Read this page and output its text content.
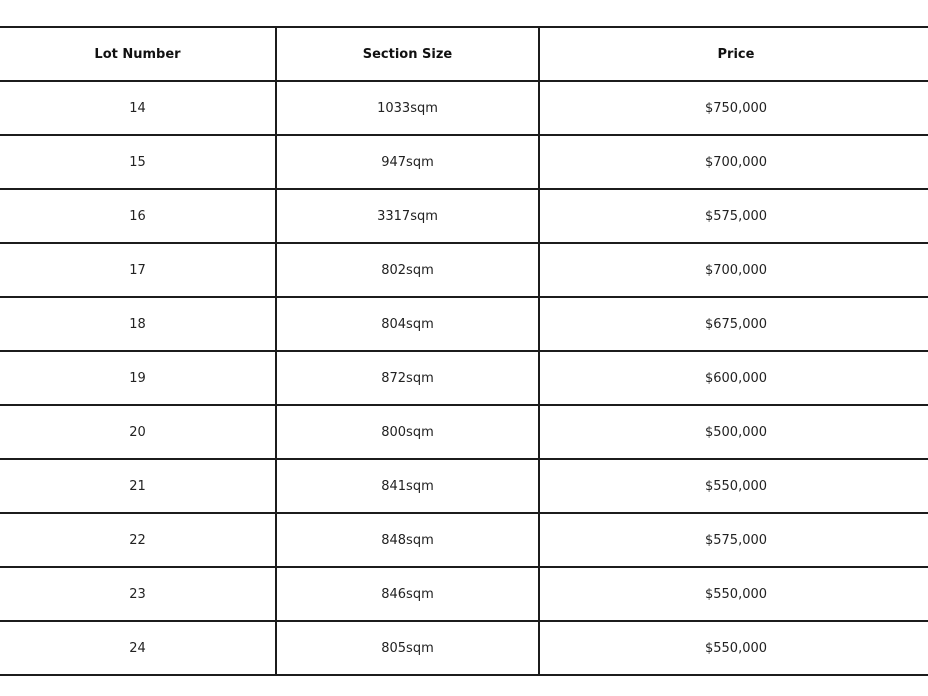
Lot Number	Section Size	Price
14	1033sqm	$750,000
15	947sqm	$700,000
16	3317sqm	$575,000
17	802sqm	$700,000
18	804sqm	$675,000
19	872sqm	$600,000
20	800sqm	$500,000
21	841sqm	$550,000
22	848sqm	$575,000
23	846sqm	$550,000
24	805sqm	$550,000
